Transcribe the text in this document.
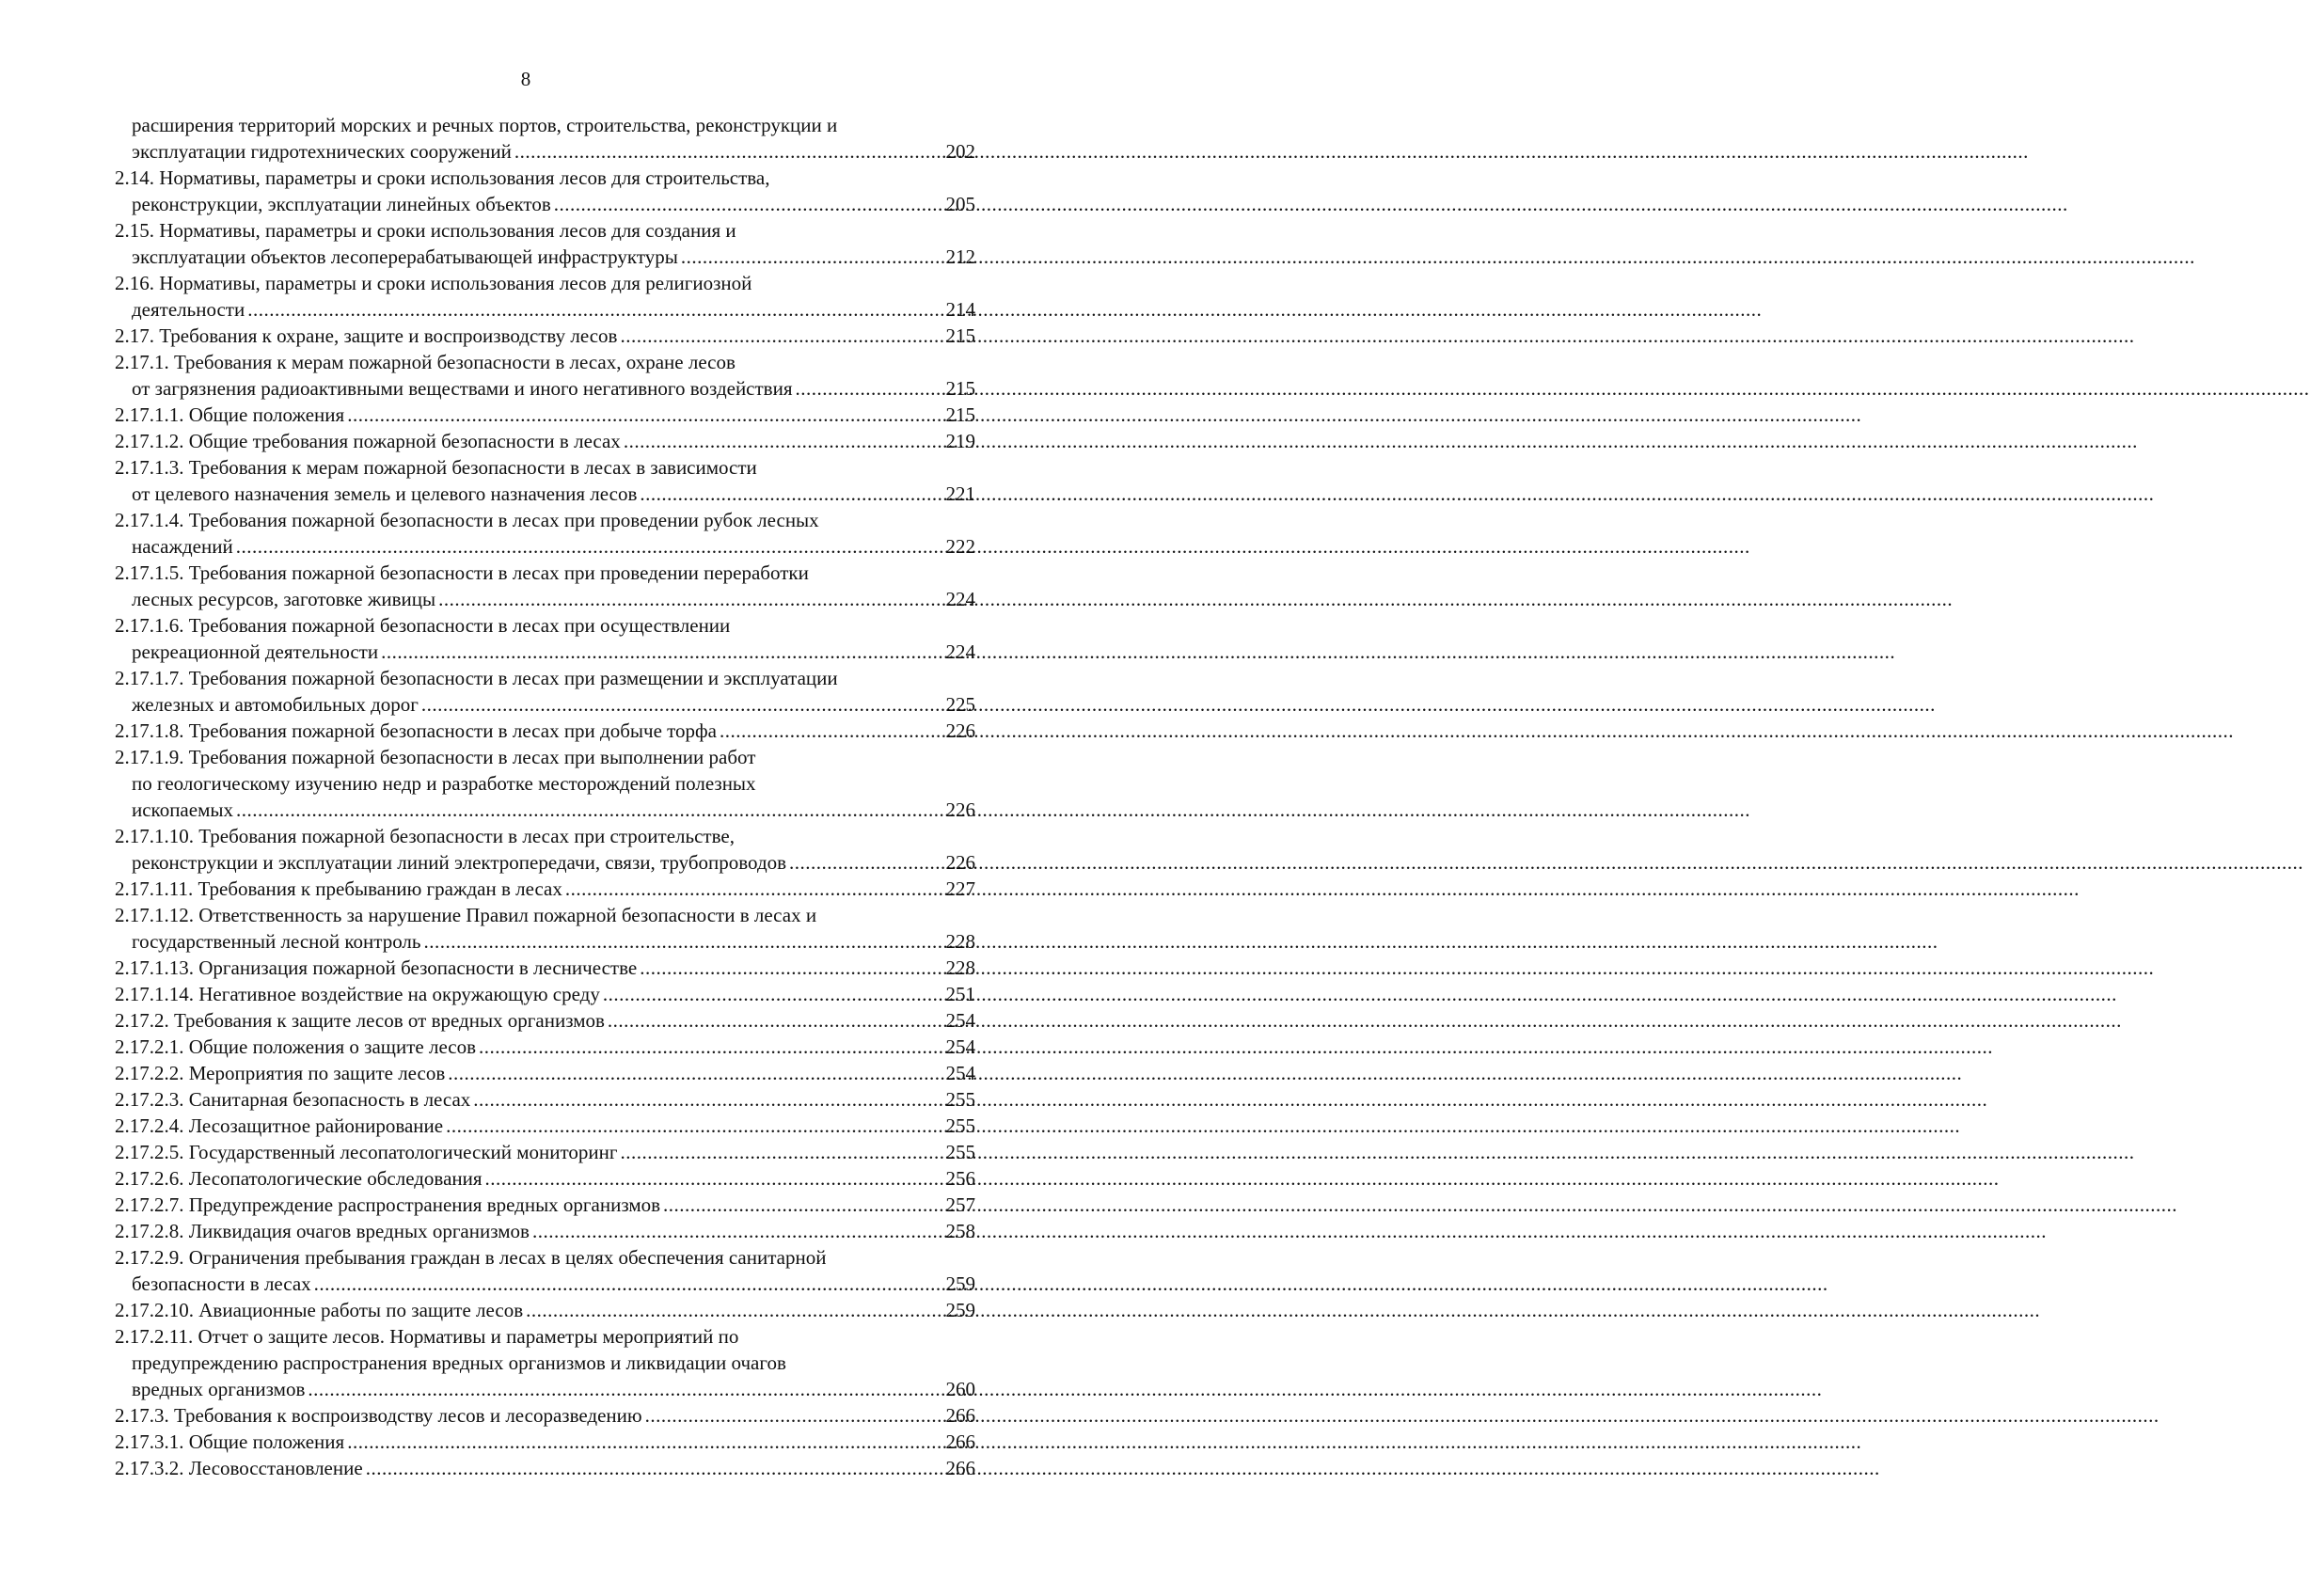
8
расширения территорий морских и речных портов, строительства, реконструкции и
эксплуатации гидротехнических сооружений .....	202
2.14. Нормативы, параметры и сроки использования лесов для строительства,
реконструкции, эксплуатации линейных объектов .....	205
2.15. Нормативы, параметры и сроки использования лесов для создания и
эксплуатации объектов лесоперерабатывающей инфраструктуры .....	212
2.16. Нормативы, параметры и сроки использования лесов для религиозной
деятельности .....	214
2.17. Требования к охране, защите и воспроизводству лесов .....	215
2.17.1. Требования к мерам пожарной безопасности в лесах, охране лесов
от загрязнения радиоактивными веществами и иного негативного воздействия .....	215
2.17.1.1. Общие положения .....	215
2.17.1.2. Общие требования пожарной безопасности в лесах .....	219
2.17.1.3. Требования к мерам пожарной безопасности в лесах в зависимости
от целевого назначения земель и целевого назначения лесов .....	221
2.17.1.4. Требования пожарной безопасности в лесах при проведении рубок лесных
насаждений .....	222
2.17.1.5. Требования пожарной безопасности в лесах при проведении переработки
лесных ресурсов, заготовке живицы .....	224
2.17.1.6. Требования пожарной безопасности в лесах при осуществлении
рекреационной деятельности .....	224
2.17.1.7. Требования пожарной безопасности в лесах при размещении и эксплуатации
железных и автомобильных дорог .....	225
2.17.1.8. Требования пожарной безопасности в лесах при добыче торфа .....	226
2.17.1.9. Требования пожарной безопасности в лесах при выполнении работ
по геологическому изучению недр и разработке месторождений полезных
ископаемых .....	226
2.17.1.10. Требования пожарной безопасности в лесах при строительстве,
реконструкции и эксплуатации линий электропередачи, связи, трубопроводов .....	226
2.17.1.11. Требования к пребыванию граждан в лесах .....	227
2.17.1.12. Ответственность за нарушение Правил пожарной безопасности в лесах и
государственный лесной контроль .....	228
2.17.1.13. Организация пожарной безопасности в лесничестве .....	228
2.17.1.14. Негативное воздействие на окружающую среду .....	251
2.17.2. Требования к защите лесов от вредных организмов .....	254
2.17.2.1. Общие положения о защите лесов .....	254
2.17.2.2. Мероприятия по защите лесов .....	254
2.17.2.3. Санитарная безопасность в лесах .....	255
2.17.2.4. Лесозащитное районирование .....	255
2.17.2.5. Государственный лесопатологический мониторинг .....	255
2.17.2.6. Лесопатологические обследования .....	256
2.17.2.7. Предупреждение распространения вредных организмов .....	257
2.17.2.8. Ликвидация очагов вредных организмов .....	258
2.17.2.9. Ограничения пребывания граждан в лесах в целях обеспечения санитарной
безопасности в лесах .....	259
2.17.2.10. Авиационные работы по защите лесов .....	259
2.17.2.11. Отчет о защите лесов. Нормативы и параметры мероприятий по
предупреждению распространения вредных организмов и ликвидации очагов
вредных организмов .....	260
2.17.3. Требования к воспроизводству лесов и лесоразведению .....	266
2.17.3.1. Общие положения .....	266
2.17.3.2. Лесовосстановление .....	266
